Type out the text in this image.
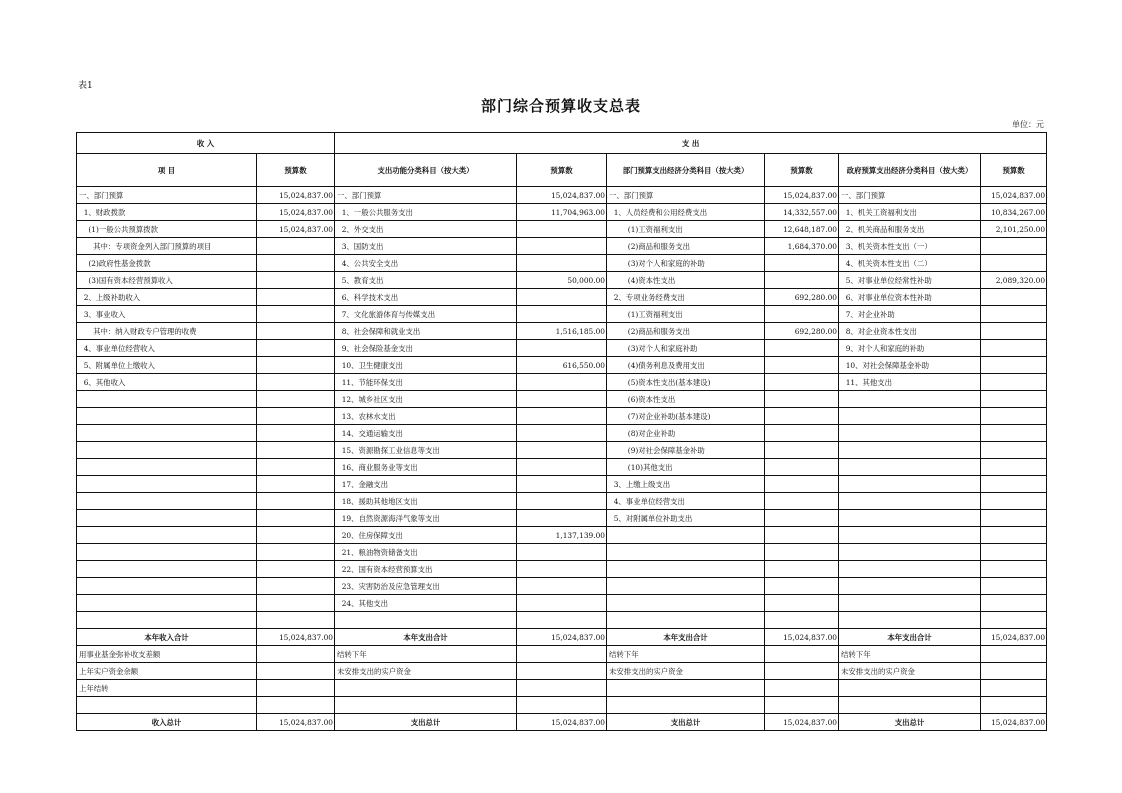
表1
部门综合预算收支总表
单位：元
收 入		支 出					
项 目	预算数	支出功能分类科目（按大类）	预算数	部门预算支出经济分类科目（按大类）	预算数	政府预算支出经济分类科目（按大类）	预算数
一、部门预算	15,024,837.00	一、部门预算	15,024,837.00	一、部门预算	15,024,837.00	一、部门预算	15,024,837.00
1、财政拨款	15,024,837.00	1、一般公共服务支出	11,704,963.00	1、人员经费和公用经费支出	14,332,557.00	1、机关工资福利支出	10,834,267.00
(1)一般公共预算拨款	15,024,837.00	2、外交支出		(1)工资福利支出	12,648,187.00	2、机关商品和服务支出	2,101,250.00
其中：专项资金列入部门预算的项目		3、国防支出		(2)商品和服务支出	1,684,370.00	3、机关资本性支出（一）	
(2)政府性基金拨款		4、公共安全支出		(3)对个人和家庭的补助		4、机关资本性支出（二）	
(3)国有资本经营预算收入		5、教育支出	50,000.00	(4)资本性支出		5、对事业单位经常性补助	2,089,320.00
2、上级补助收入		6、科学技术支出		2、专项业务经费支出	692,280.00	6、对事业单位资本性补助	
3、事业收入		7、文化旅游体育与传媒支出		(1)工资福利支出		7、对企业补助	
其中：纳入财政专户管理的收费		8、社会保障和就业支出	1,516,185.00	(2)商品和服务支出	692,280.00	8、对企业资本性支出	
4、事业单位经营收入		9、社会保险基金支出		(3)对个人和家庭补助		9、对个人和家庭的补助	
5、附属单位上缴收入		10、卫生健康支出	616,550.00	(4)债务利息及费用支出		10、对社会保障基金补助	
6、其他收入		11、节能环保支出		(5)资本性支出(基本建设)		11、其他支出	
		12、城乡社区支出		(6)资本性支出			
		13、农林水支出		(7)对企业补助(基本建设)			
		14、交通运输支出		(8)对企业补助			
		15、资源勘探工业信息等支出		(9)对社会保障基金补助			
		16、商业服务业等支出		(10)其他支出			
		17、金融支出		3、上缴上级支出			
		18、援助其他地区支出		4、事业单位经营支出			
		19、自然资源海洋气象等支出		5、对附属单位补助支出			
		20、住房保障支出	1,137,139.00				
		21、粮油物资储备支出					
		22、国有资本经营预算支出					
		23、灾害防治及应急管理支出					
		24、其他支出					

本年收入合计	15,024,837.00	本年支出合计	15,024,837.00	本年支出合计	15,024,837.00	本年支出合计	15,024,837.00
用事业基金弥补收支差额		结转下年		结转下年		结转下年	
上年实户资金余额		未安排支出的实户资金		未安排支出的实户资金		未安排支出的实户资金	
上年结转							

收入总计	15,024,837.00	支出总计	15,024,837.00	支出总计	15,024,837.00	支出总计	15,024,837.00
